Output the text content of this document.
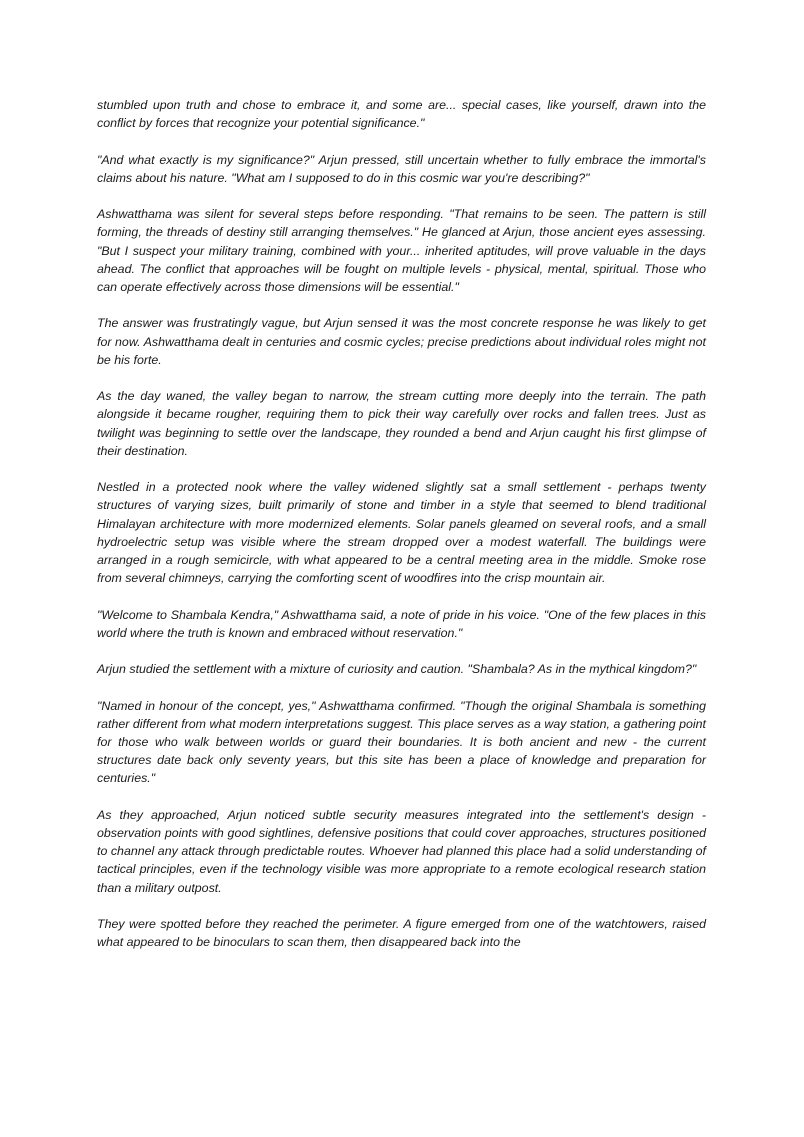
stumbled upon truth and chose to embrace it, and some are... special cases, like yourself, drawn into the conflict by forces that recognize your potential significance."

"And what exactly is my significance?" Arjun pressed, still uncertain whether to fully embrace the immortal's claims about his nature. "What am I supposed to do in this cosmic war you're describing?"

Ashwatthama was silent for several steps before responding. "That remains to be seen. The pattern is still forming, the threads of destiny still arranging themselves." He glanced at Arjun, those ancient eyes assessing. "But I suspect your military training, combined with your... inherited aptitudes, will prove valuable in the days ahead. The conflict that approaches will be fought on multiple levels - physical, mental, spiritual. Those who can operate effectively across those dimensions will be essential."

The answer was frustratingly vague, but Arjun sensed it was the most concrete response he was likely to get for now. Ashwatthama dealt in centuries and cosmic cycles; precise predictions about individual roles might not be his forte.

As the day waned, the valley began to narrow, the stream cutting more deeply into the terrain. The path alongside it became rougher, requiring them to pick their way carefully over rocks and fallen trees. Just as twilight was beginning to settle over the landscape, they rounded a bend and Arjun caught his first glimpse of their destination.

Nestled in a protected nook where the valley widened slightly sat a small settlement - perhaps twenty structures of varying sizes, built primarily of stone and timber in a style that seemed to blend traditional Himalayan architecture with more modernized elements. Solar panels gleamed on several roofs, and a small hydroelectric setup was visible where the stream dropped over a modest waterfall. The buildings were arranged in a rough semicircle, with what appeared to be a central meeting area in the middle. Smoke rose from several chimneys, carrying the comforting scent of woodfires into the crisp mountain air.

"Welcome to Shambala Kendra," Ashwatthama said, a note of pride in his voice. "One of the few places in this world where the truth is known and embraced without reservation."

Arjun studied the settlement with a mixture of curiosity and caution. "Shambala? As in the mythical kingdom?"

"Named in honour of the concept, yes," Ashwatthama confirmed. "Though the original Shambala is something rather different from what modern interpretations suggest. This place serves as a way station, a gathering point for those who walk between worlds or guard their boundaries. It is both ancient and new - the current structures date back only seventy years, but this site has been a place of knowledge and preparation for centuries."

As they approached, Arjun noticed subtle security measures integrated into the settlement's design - observation points with good sightlines, defensive positions that could cover approaches, structures positioned to channel any attack through predictable routes. Whoever had planned this place had a solid understanding of tactical principles, even if the technology visible was more appropriate to a remote ecological research station than a military outpost.

They were spotted before they reached the perimeter. A figure emerged from one of the watchtowers, raised what appeared to be binoculars to scan them, then disappeared back into the
